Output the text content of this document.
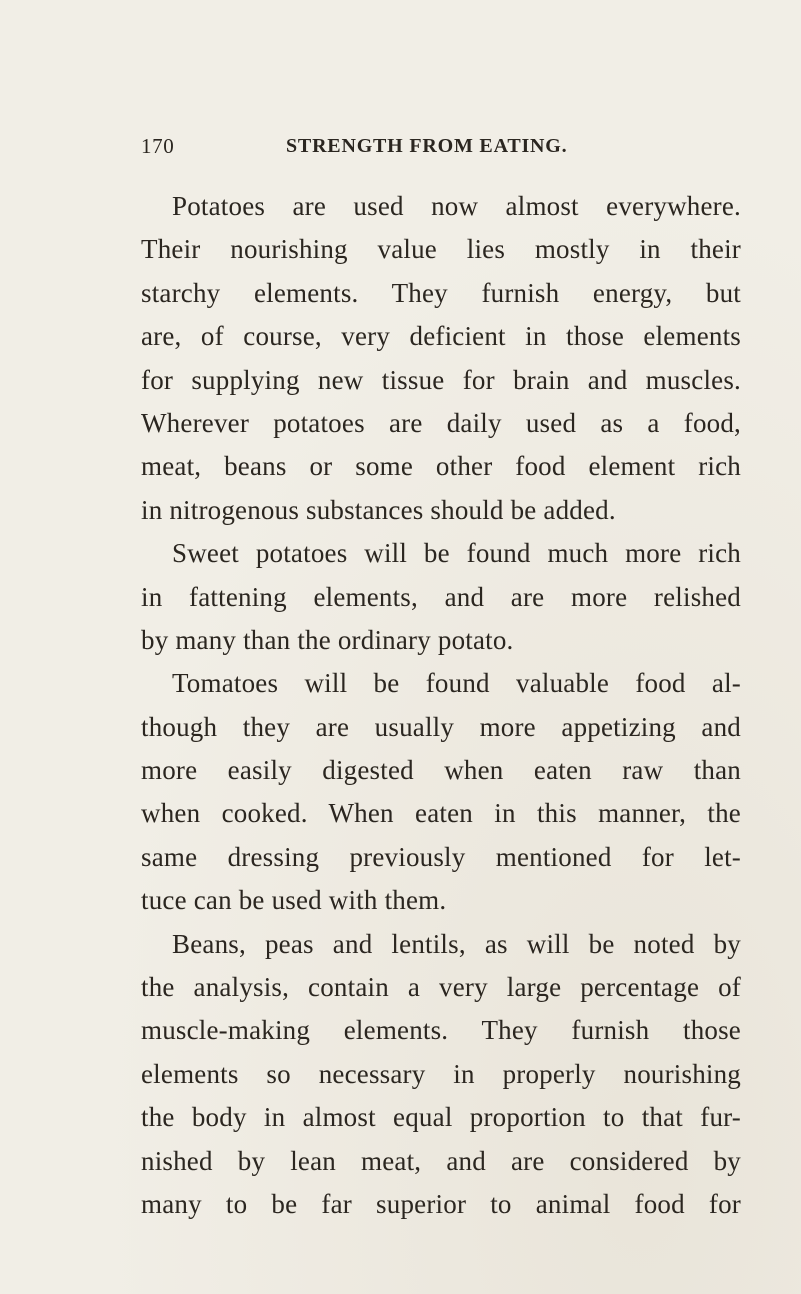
170	STRENGTH FROM EATING.
Potatoes are used now almost everywhere.
Their nourishing value lies mostly in their
starchy elements. They furnish energy, but
are, of course, very deficient in those elements
for supplying new tissue for brain and muscles.
Wherever potatoes are daily used as a food,
meat, beans or some other food element rich
in nitrogenous substances should be added.
Sweet potatoes will be found much more rich
in fattening elements, and are more relished
by many than the ordinary potato.
Tomatoes will be found valuable food al-
though they are usually more appetizing and
more easily digested when eaten raw than
when cooked. When eaten in this manner, the
same dressing previously mentioned for let-
tuce can be used with them.
Beans, peas and lentils, as will be noted by
the analysis, contain a very large percentage of
muscle-making elements. They furnish those
elements so necessary in properly nourishing
the body in almost equal proportion to that fur-
nished by lean meat, and are considered by
many to be far superior to animal food for
